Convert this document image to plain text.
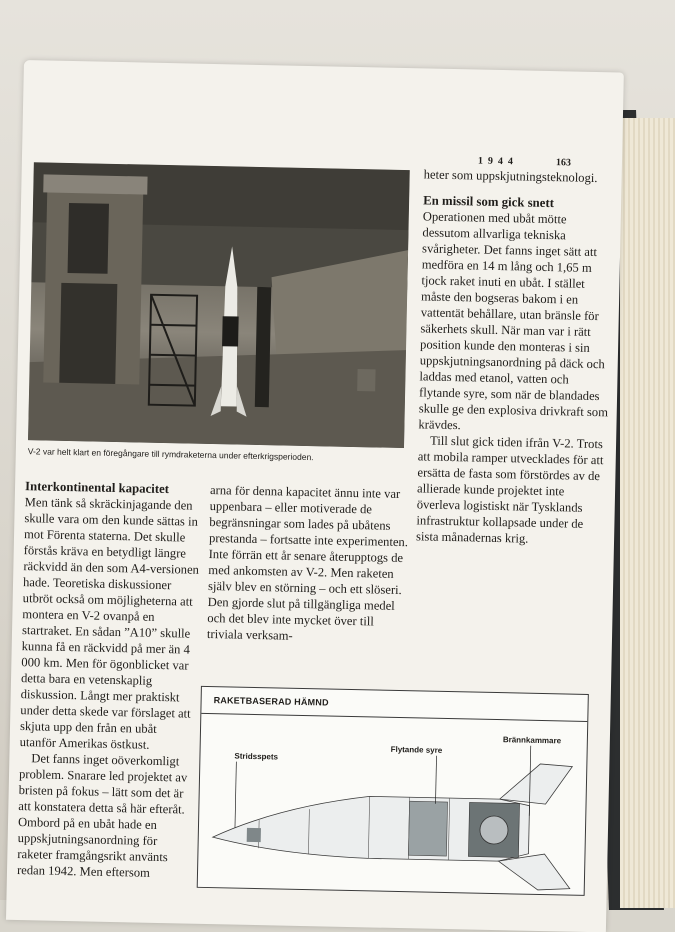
1944	163
V-2 var helt klart en föregångare till rymdraketerna under efterkrigsperioden.

Interkontinental kapacitet

Men tänk så skräckinjagande den skulle vara om den kunde sättas in mot Förenta staterna. Det skulle förstås kräva en betydligt längre räckvidd än den som A4-versionen hade. Teoretiska diskussioner utbröt också om möjligheterna att montera en V-2 ovanpå en startraket. En sådan ”A10” skulle kunna få en räckvidd på mer än 4 000 km. Men för ögonblicket var detta bara en vetenskaplig diskussion. Långt mer praktiskt under detta skede var förslaget att skjuta upp den från en ubåt utanför Amerikas östkust.

Det fanns inget oöverkomligt problem. Snarare led projektet av bristen på fokus – lätt som det är att konstatera detta så här efteråt. Ombord på en ubåt hade en uppskjutningsanordning för raketer framgångsrikt använts redan 1942. Men eftersom

arna för denna kapacitet ännu inte var uppenbara – eller motiverade de begränsningar som lades på ubåtens prestanda – fortsatte inte experimenten. Inte förrän ett år senare återupptogs de med ankomsten av V-2. Men raketen själv blev en störning – och ett slöseri. Den gjorde slut på tillgängliga medel och det blev inte mycket över till triviala verksam-

heter som uppskjutningsteknologi.

En missil som gick snett

Operationen med ubåt mötte dessutom allvarliga tekniska svårigheter. Det fanns inget sätt att medföra en 14 m lång och 1,65 m tjock raket inuti en ubåt. I stället måste den bogseras bakom i en vattentät behållare, utan bränsle för säkerhets skull. När man var i rätt position kunde den monteras i sin uppskjutningsanordning på däck och laddas med etanol, vatten och flytande syre, som när de blandades skulle ge den explosiva drivkraft som krävdes.

Till slut gick tiden ifrån V-2. Trots att mobila ramper utvecklades för att ersätta de fasta som förstördes av de allierade kunde projektet inte överleva logistiskt när Tysklands infrastruktur kollapsade under de sista månadernas krig.

RAKETBASERAD HÄMND
Stridsspets
Flytande syre
Brännkammare
